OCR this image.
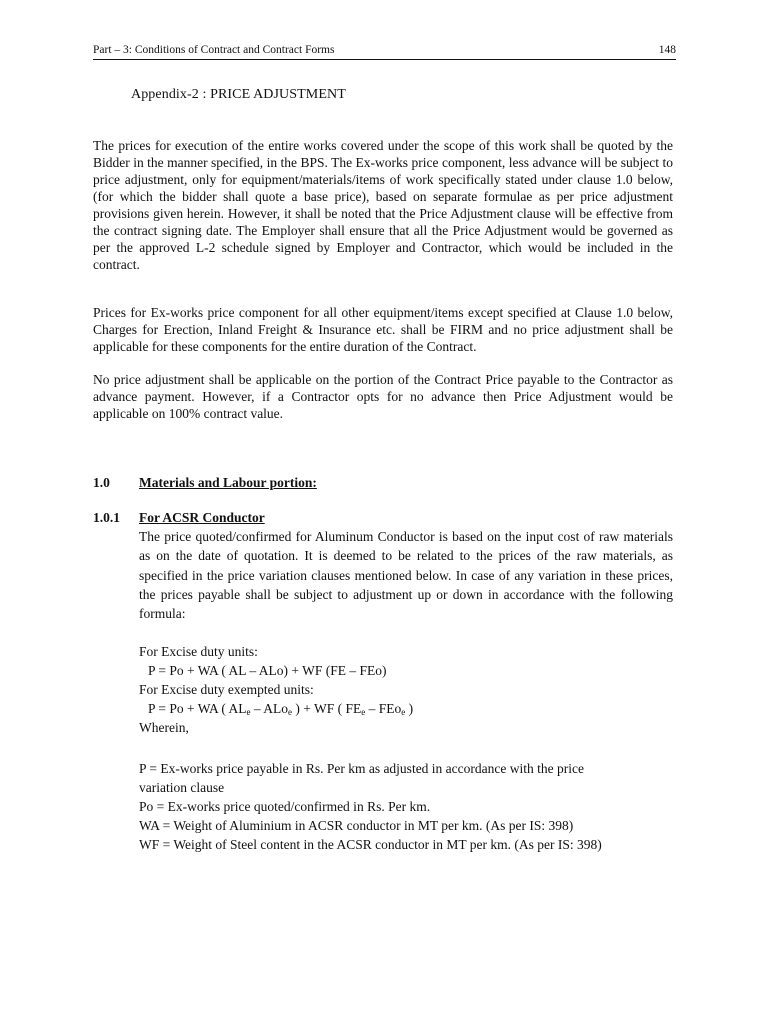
Part – 3: Conditions of Contract and Contract Forms	148
Appendix-2 : PRICE ADJUSTMENT

The prices for execution of the entire works covered under the scope of this work shall be quoted by the Bidder in the manner specified, in the BPS. The Ex-works price component, less advance will be subject to price adjustment, only for equipment/materials/items of work specifically stated under clause 1.0 below, (for which the bidder shall quote a base price), based on separate formulae as per price adjustment provisions given herein. However, it shall be noted that the Price Adjustment clause will be effective from the contract signing date. The Employer shall ensure that all the Price Adjustment would be governed as per the approved L-2 schedule signed by Employer and Contractor, which would be included in the contract.

Prices for Ex-works price component for all other equipment/items except specified at Clause 1.0 below, Charges for Erection, Inland Freight & Insurance etc. shall be FIRM and no price adjustment shall be applicable for these components for the entire duration of the Contract.

No price adjustment shall be applicable on the portion of the Contract Price payable to the Contractor as advance payment. However, if a Contractor opts for no advance then Price Adjustment would be applicable on 100% contract value.

1.0 Materials and Labour portion:
1.0.1 For ACSR Conductor

The price quoted/confirmed for Aluminum Conductor is based on the input cost of raw materials as on the date of quotation. It is deemed to be related to the prices of the raw materials, as specified in the price variation clauses mentioned below. In case of any variation in these prices, the prices payable shall be subject to adjustment up or down in accordance with the following formula:

For Excise duty units:
P = Po + WA ( AL – ALo) + WF (FE – FEo)
For Excise duty exempted units:
P = Po + WA ( $AL_e - ALo_e$ ) + WF ( $FE_e - FEo_e$ )
Wherein,
P = Ex-works price payable in Rs. Per km as adjusted in accordance with the price
variation clause
Po = Ex-works price quoted/confirmed in Rs. Per km.
WA = Weight of Aluminium in ACSR conductor in MT per km. (As per IS: 398)
WF = Weight of Steel content in the ACSR conductor in MT per km. (As per IS: 398)
